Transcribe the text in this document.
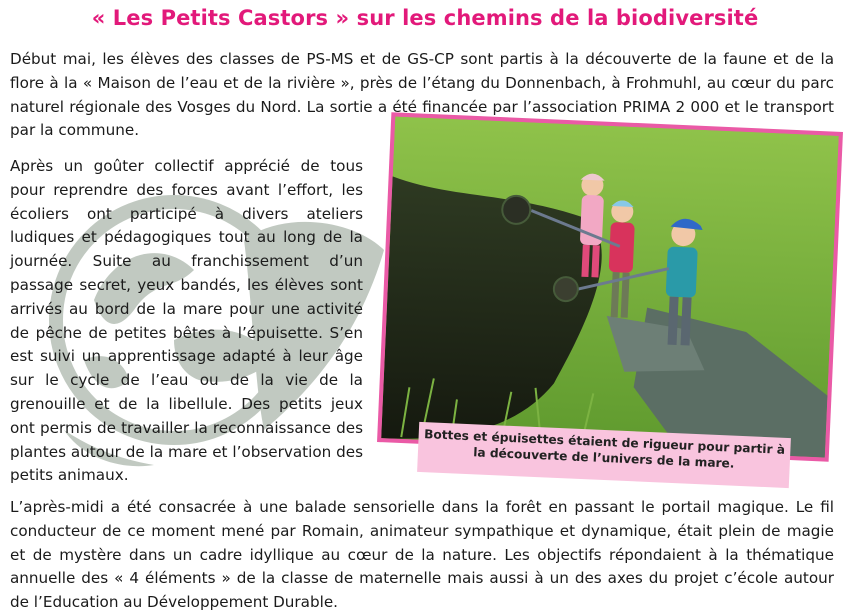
« Les Petits Castors » sur les chemins de la biodiversité

Début mai, les élèves des classes de PS-MS et de GS-CP sont partis à la découverte de la faune et de la flore à la « Maison de l’eau et de la rivière », près de l’étang du Donnenbach, à Frohmuhl, au cœur du parc naturel régionale des Vosges du Nord. La sortie a été financée par l’association PRIMA 2 000 et le transport par la commune.

Après un goûter collectif apprécié de tous pour reprendre des forces avant l’effort, les écoliers ont participé à divers ateliers ludiques et pédagogiques tout au long de la journée. Suite au franchissement d’un passage secret, yeux bandés, les élèves sont arrivés au bord de la mare pour une activité de pêche de petites bêtes à l’épuisette. S’en est suivi un apprentissage adapté à leur âge sur le cycle de l’eau ou de la vie de la grenouille et de la libellule. Des petits jeux ont permis de travailler la reconnaissance des plantes autour de la mare et l’observation des petits animaux.

Bottes et épuisettes étaient de rigueur pour partir à la découverte de l’univers de la mare.

L’après-midi a été consacrée à une balade sensorielle dans la forêt en passant le portail magique. Le fil conducteur de ce moment mené par Romain, animateur sympathique et dynamique, était plein de magie et de mystère dans un cadre idyllique au cœur de la nature. Les objectifs répondaient à la thématique annuelle des « 4 éléments » de la classe de maternelle mais aussi à un des axes du projet c’école autour de l’Education au Développement Durable.
